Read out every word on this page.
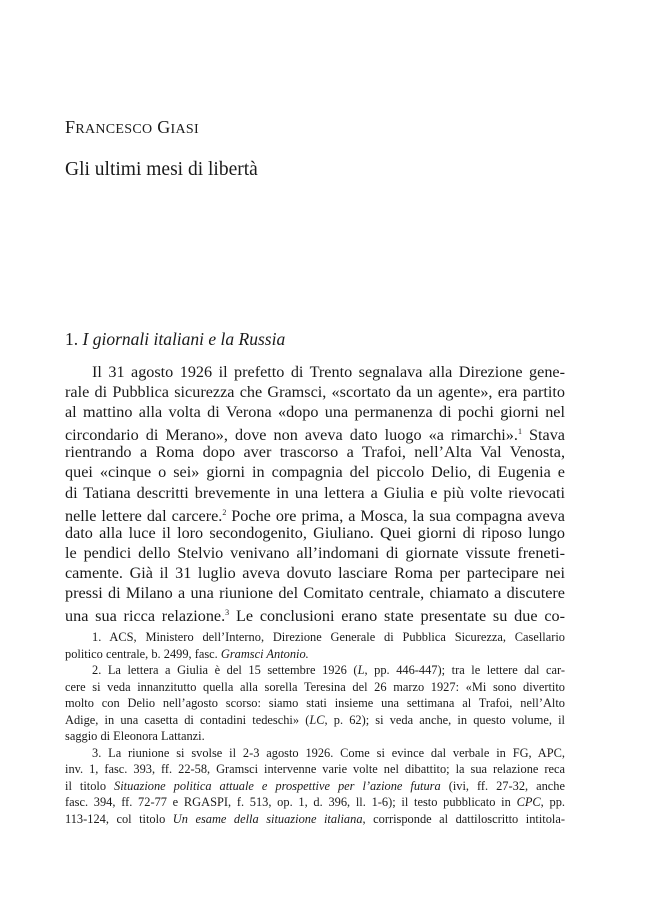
FRANCESCO GIASI
Gli ultimi mesi di libertà
1. I giornali italiani e la Russia
Il 31 agosto 1926 il prefetto di Trento segnalava alla Direzione gene-
rale di Pubblica sicurezza che Gramsci, «scortato da un agente», era partito
al mattino alla volta di Verona «dopo una permanenza di pochi giorni nel
circondario di Merano», dove non aveva dato luogo «a rimarchi».$^1$ Stava
rientrando a Roma dopo aver trascorso a Trafoi, nell’Alta Val Venosta,
quei «cinque o sei» giorni in compagnia del piccolo Delio, di Eugenia e
di Tatiana descritti brevemente in una lettera a Giulia e più volte rievocati
nelle lettere dal carcere.$^2$ Poche ore prima, a Mosca, la sua compagna aveva
dato alla luce il loro secondogenito, Giuliano. Quei giorni di riposo lungo
le pendici dello Stelvio venivano all’indomani di giornate vissute freneti-
camente. Già il 31 luglio aveva dovuto lasciare Roma per partecipare nei
pressi di Milano a una riunione del Comitato centrale, chiamato a discutere
una sua ricca relazione.$^3$ Le conclusioni erano state presentate su due co-
1. ACS, Ministero dell’Interno, Direzione Generale di Pubblica Sicurezza, Casellario
politico centrale, b. 2499, fasc. Gramsci Antonio.
2. La lettera a Giulia è del 15 settembre 1926 (L, pp. 446-447); tra le lettere dal car-
cere si veda innanzitutto quella alla sorella Teresina del 26 marzo 1927: «Mi sono divertito
molto con Delio nell’agosto scorso: siamo stati insieme una settimana al Trafoi, nell’Alto
Adige, in una casetta di contadini tedeschi» (LC, p. 62); si veda anche, in questo volume, il
saggio di Eleonora Lattanzi.
3. La riunione si svolse il 2-3 agosto 1926. Come si evince dal verbale in FG, APC,
inv. 1, fasc. 393, ff. 22-58, Gramsci intervenne varie volte nel dibattito; la sua relazione reca
il titolo Situazione politica attuale e prospettive per l’azione futura (ivi, ff. 27-32, anche
fasc. 394, ff. 72-77 e RGASPI, f. 513, op. 1, d. 396, ll. 1-6); il testo pubblicato in CPC, pp.
113-124, col titolo Un esame della situazione italiana, corrisponde al dattiloscritto intitola-
